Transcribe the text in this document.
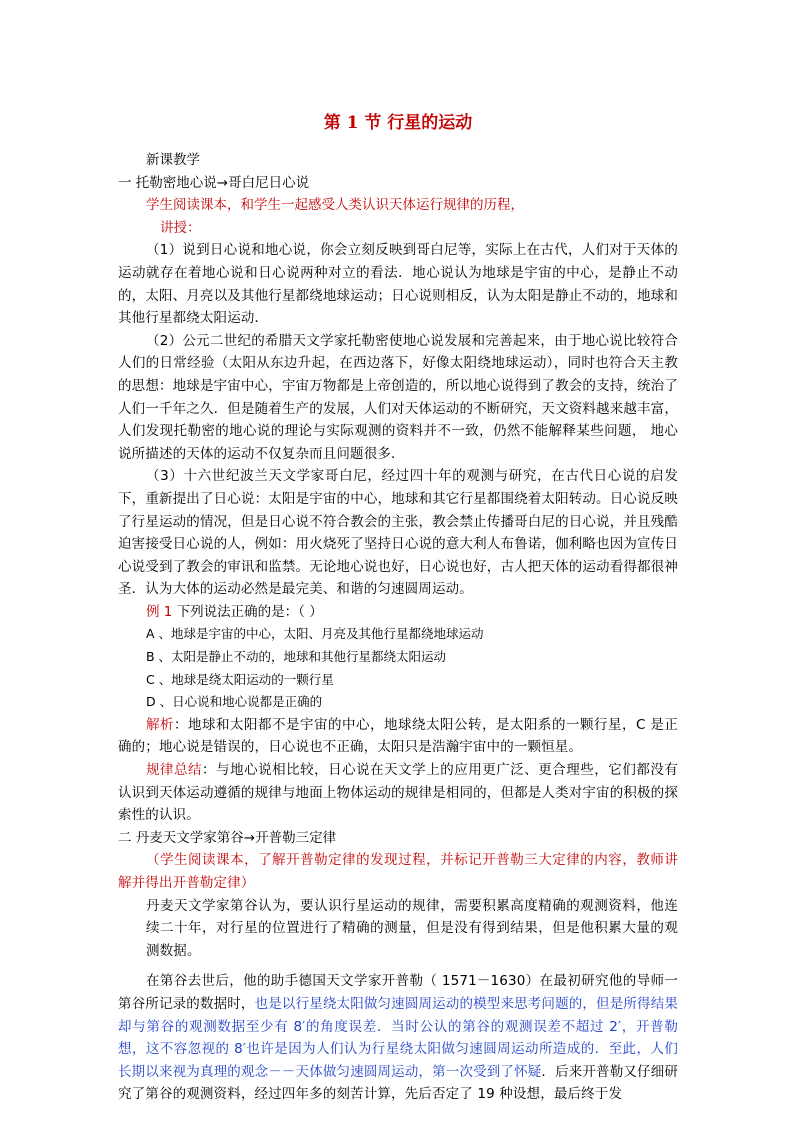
第 1 节 行星的运动

新课教学

一 托勒密地心说→哥白尼日心说

学生阅读课本，和学生一起感受人类认识天体运行规律的历程，

讲授：

（1）说到日心说和地心说，你会立刻反映到哥白尼等，实际上在古代，人们对于天体的运动就存在着地心说和日心说两种对立的看法．地心说认为地球是宇宙的中心，是静止不动的，太阳、月亮以及其他行星都绕地球运动；日心说则相反，认为太阳是静止不动的，地球和其他行星都绕太阳运动．

（2）公元二世纪的希腊天文学家托勒密使地心说发展和完善起来，由于地心说比较符合人们的日常经验（太阳从东边升起，在西边落下，好像太阳绕地球运动），同时也符合天主教的思想：地球是宇宙中心，宇宙万物都是上帝创造的，所以地心说得到了教会的支持，统治了人们一千年之久．但是随着生产的发展，人们对天体运动的不断研究，天文资料越来越丰富，人们发现托勒密的地心说的理论与实际观测的资料并不一致，仍然不能解释某些问题， 地心说所描述的天体的运动不仅复杂而且问题很多．

（3）十六世纪波兰天文学家哥白尼，经过四十年的观测与研究，在古代日心说的启发下，重新提出了日心说：太阳是宇宙的中心，地球和其它行星都围绕着太阳转动。日心说反映了行星运动的情况，但是日心说不符合教会的主张，教会禁止传播哥白尼的日心说，并且残酷迫害接受日心说的人，例如：用火烧死了坚持日心说的意大利人布鲁诺，伽利略也因为宣传日心说受到了教会的审讯和监禁。无论地心说也好，日心说也好，古人把天体的运动看得都很神圣．认为大体的运动必然是最完美、和谐的匀速圆周运动。

例 1 下列说法正确的是：（ ）

A 、地球是宇宙的中心，太阳、月亮及其他行星都绕地球运动

B 、太阳是静止不动的，地球和其他行星都绕太阳运动

C 、地球是绕太阳运动的一颗行星

D 、日心说和地心说都是正确的

解析：地球和太阳都不是宇宙的中心，地球绕太阳公转，是太阳系的一颗行星，C 是正确的；地心说是错误的，日心说也不正确，太阳只是浩瀚宇宙中的一颗恒星。

规律总结：与地心说相比较，日心说在天文学上的应用更广泛、更合理些，它们都没有认识到天体运动遵循的规律与地面上物体运动的规律是相同的，但都是人类对宇宙的积极的探索性的认识。

二 丹麦天文学家第谷→开普勒三定律

（学生阅读课本，了解开普勒定律的发现过程，并标记开普勒三大定律的内容，教师讲解并得出开普勒定律）

丹麦天文学家第谷认为，要认识行星运动的规律，需要积累高度精确的观测资料，他连续二十年，对行星的位置进行了精确的测量，但是没有得到结果，但是他积累大量的观测数据。

在第谷去世后，他的助手德国天文学家开普勒（ 1571－1630）在最初研究他的导师一第谷所记录的数据时，也是以行星绕太阳做匀速圆周运动的模型来思考问题的，但是所得结果却与第谷的观测数据至少有 8′的角度误差．当时公认的第谷的观测误差不超过 2′，开普勒想，这不容忽视的 8′也许是因为人们认为行星绕太阳做匀速圆周运动所造成的．至此，人们长期以来视为真理的观念－－天体做匀速圆周运动，第一次受到了怀疑．后来开普勒又仔细研究了第谷的观测资料，经过四年多的刻苦计算，先后否定了 19 种设想，最后终于发
